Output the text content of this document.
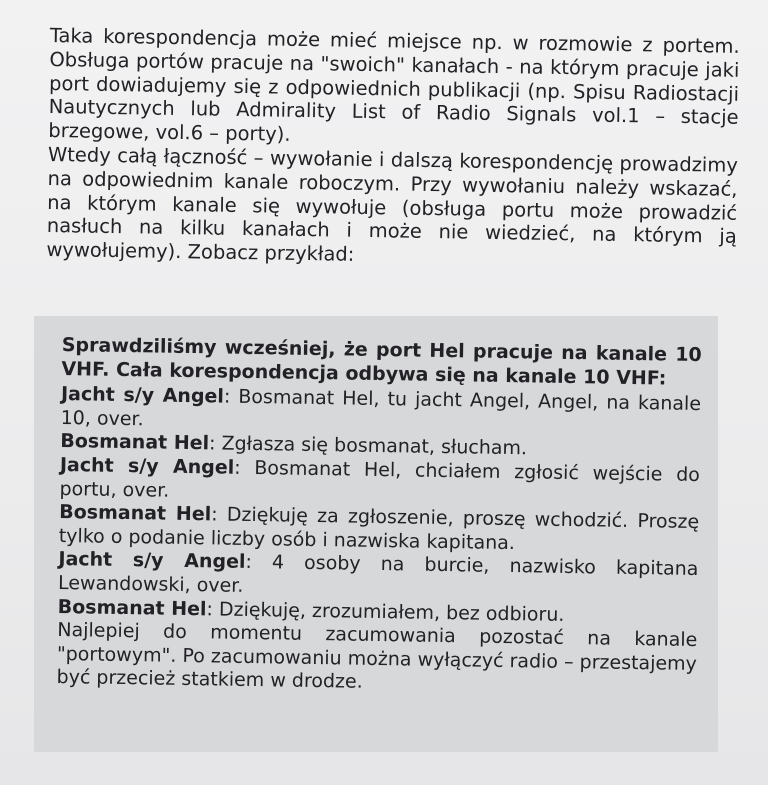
Taka korespondencja może mieć miejsce np. w rozmowie z portem. Obsługa portów pracuje na "swoich" kanałach - na którym pracuje jaki port dowiadujemy się z odpowiednich publikacji (np. Spisu Radiostacji Nautycznych lub Admirality List of Radio Signals vol.1 – stacje brzegowe, vol.6 – porty).

Wtedy całą łączność – wywołanie i dalszą korespondencję prowadzimy na odpowiednim kanale roboczym. Przy wywołaniu należy wskazać, na którym kanale się wywołuje (obsługa portu może prowadzić nasłuch na kilku kanałach i może nie wiedzieć, na którym ją wywołujemy). Zobacz przykład:

Sprawdziliśmy wcześniej, że port Hel pracuje na kanale 10 VHF. Cała korespondencja odbywa się na kanale 10 VHF:

Jacht s/y Angel: Bosmanat Hel, tu jacht Angel, Angel, na kanale 10, over.

Bosmanat Hel: Zgłasza się bosmanat, słucham.

Jacht s/y Angel: Bosmanat Hel, chciałem zgłosić wejście do portu, over.

Bosmanat Hel: Dziękuję za zgłoszenie, proszę wchodzić. Proszę tylko o podanie liczby osób i nazwiska kapitana.

Jacht s/y Angel: 4 osoby na burcie, nazwisko kapitana Lewandowski, over.

Bosmanat Hel: Dziękuję, zrozumiałem, bez odbioru.

Najlepiej do momentu zacumowania pozostać na kanale "portowym". Po zacumowaniu można wyłączyć radio – przestajemy być przecież statkiem w drodze.
